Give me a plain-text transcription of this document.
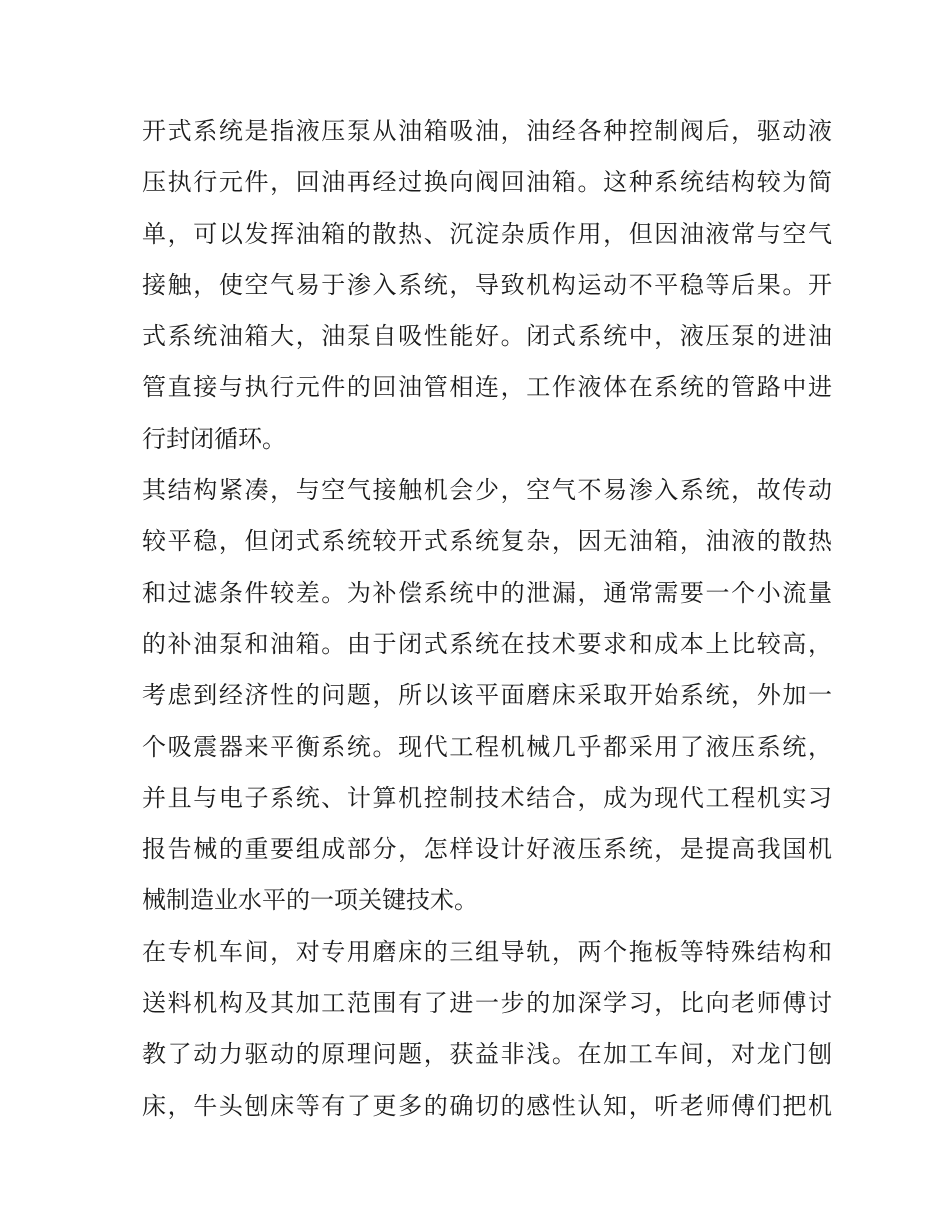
开式系统是指液压泵从油箱吸油，油经各种控制阀后，驱动液
压执行元件，回油再经过换向阀回油箱。这种系统结构较为简
单，可以发挥油箱的散热、沉淀杂质作用，但因油液常与空气
接触，使空气易于渗入系统，导致机构运动不平稳等后果。开
式系统油箱大，油泵自吸性能好。闭式系统中，液压泵的进油
管直接与执行元件的回油管相连，工作液体在系统的管路中进
行封闭循环。
其结构紧凑，与空气接触机会少，空气不易渗入系统，故传动
较平稳，但闭式系统较开式系统复杂，因无油箱，油液的散热
和过滤条件较差。为补偿系统中的泄漏，通常需要一个小流量
的补油泵和油箱。由于闭式系统在技术要求和成本上比较高，
考虑到经济性的问题，所以该平面磨床采取开始系统，外加一
个吸震器来平衡系统。现代工程机械几乎都采用了液压系统，
并且与电子系统、计算机控制技术结合，成为现代工程机实习
报告械的重要组成部分，怎样设计好液压系统，是提高我国机
械制造业水平的一项关键技术。
在专机车间，对专用磨床的三组导轨，两个拖板等特殊结构和
送料机构及其加工范围有了进一步的加深学习，比向老师傅讨
教了动力驱动的原理问题，获益非浅。在加工车间，对龙门刨
床，牛头刨床等有了更多的确切的感性认知，听老师傅们把机
